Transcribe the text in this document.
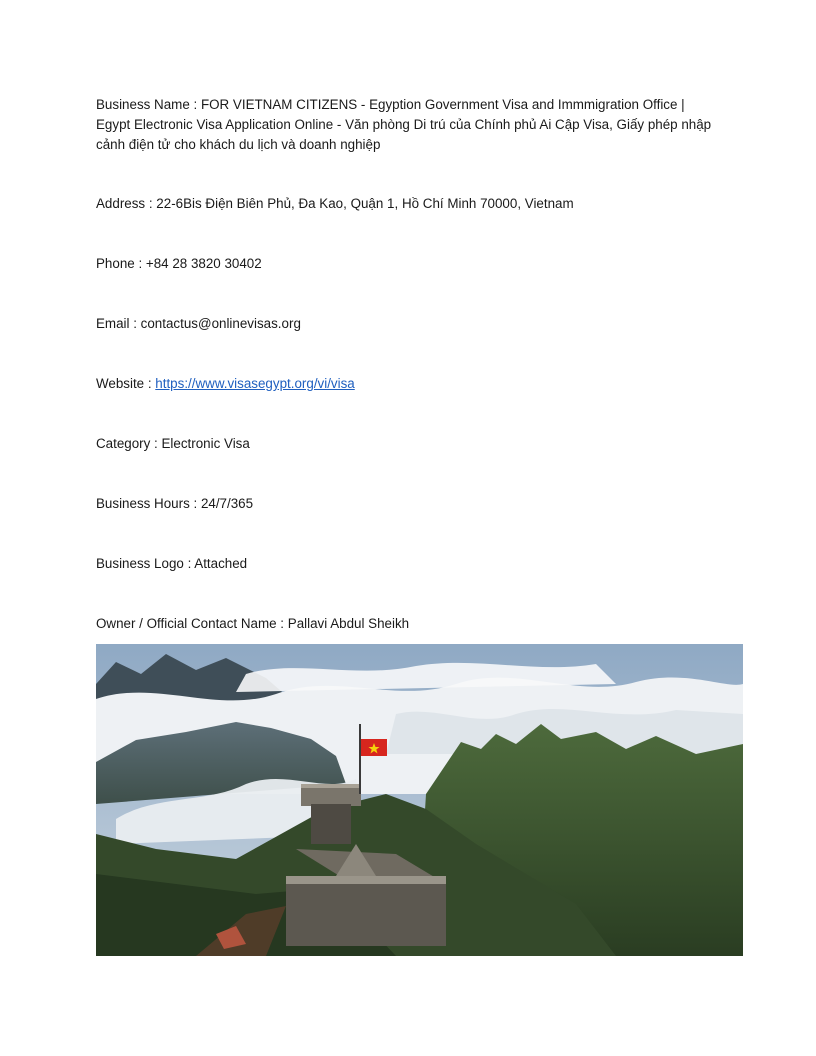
Business Name : FOR VIETNAM CITIZENS - Egyption Government Visa and Immmigration Office | Egypt Electronic Visa Application Online - Văn phòng Di trú của Chính phủ Ai Cập Visa, Giấy phép nhập cảnh điện tử cho khách du lịch và doanh nghiệp

Address : 22-6Bis Điện Biên Phủ, Đa Kao, Quận 1, Hồ Chí Minh 70000, Vietnam

Phone : +84 28 3820 30402

Email : contactus@onlinevisas.org

Website : https://www.visasegypt.org/vi/visa

Category : Electronic Visa

Business Hours : 24/7/365

Business Logo : Attached

Owner / Official Contact Name : Pallavi Abdul Sheikh
